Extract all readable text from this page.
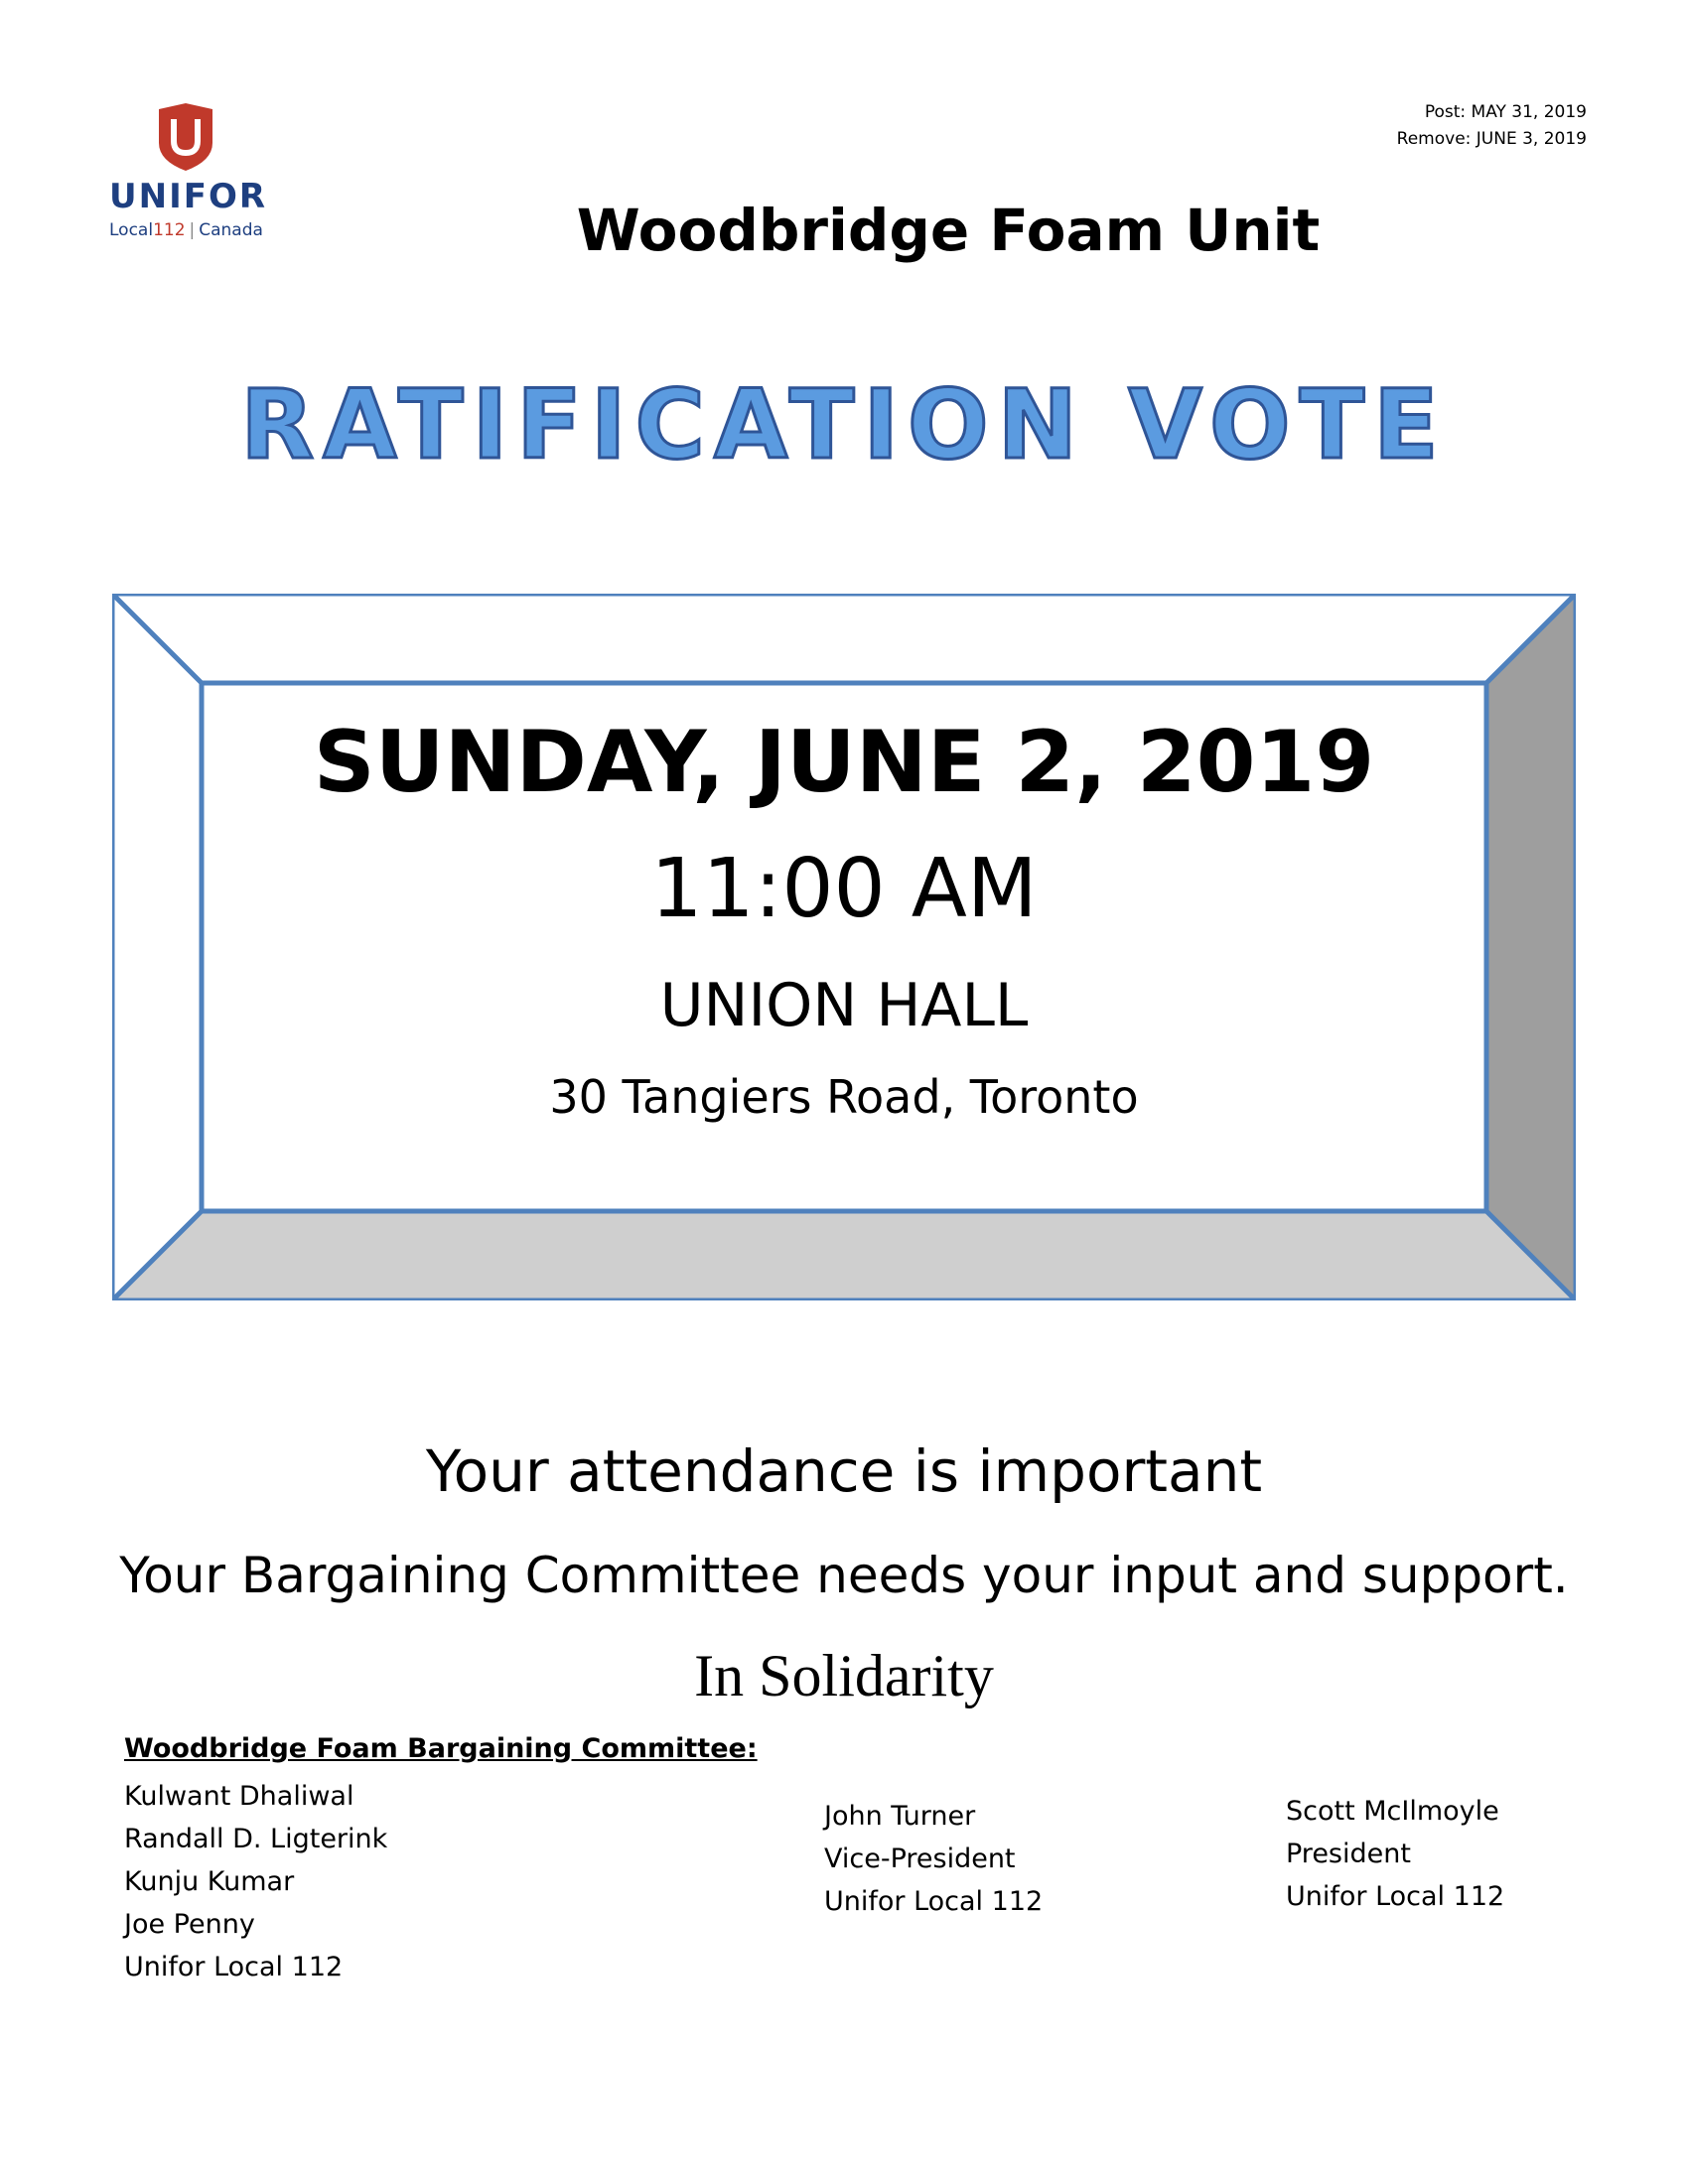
UNIFOR
Local112 | Canada
Post: MAY 31, 2019
Remove: JUNE 3, 2019
Woodbridge Foam Unit
RATIFICATION VOTE
SUNDAY, JUNE 2, 2019
11:00 AM
UNION HALL
30 Tangiers Road, Toronto
Your attendance is important
Your Bargaining Committee needs your input and support.
In Solidarity
Woodbridge Foam Bargaining Committee:
Kulwant Dhaliwal
Randall D. Ligterink
Kunju Kumar
Joe Penny
Unifor Local 112
John Turner
Vice-President
Unifor Local 112
Scott McIlmoyle
President
Unifor Local 112
